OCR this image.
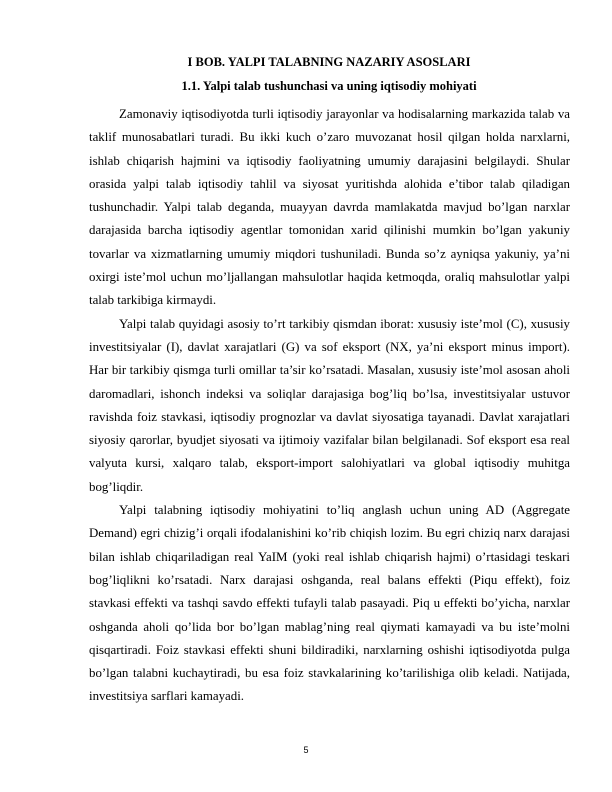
I BOB. YALPI TALABNING NAZARIY ASOSLARI
1.1. Yalpi talab tushunchasi va uning iqtisodiy mohiyati

Zamonaviy iqtisodiyotda turli iqtisodiy jarayonlar va hodisalarning markazida talab va taklif munosabatlari turadi. Bu ikki kuch o’zaro muvozanat hosil qilgan holda narxlarni, ishlab chiqarish hajmini va iqtisodiy faoliyatning umumiy darajasini belgilaydi. Shular orasida yalpi talab iqtisodiy tahlil va siyosat yuritishda alohida e’tibor talab qiladigan tushunchadir. Yalpi talab deganda, muayyan davrda mamlakatda mavjud bo’lgan narxlar darajasida barcha iqtisodiy agentlar tomonidan xarid qilinishi mumkin bo’lgan yakuniy tovarlar va xizmatlarning umumiy miqdori tushuniladi. Bunda so’z ayniqsa yakuniy, ya’ni oxirgi iste’mol uchun mo’ljallangan mahsulotlar haqida ketmoqda, oraliq mahsulotlar yalpi talab tarkibiga kirmaydi.

Yalpi talab quyidagi asosiy to’rt tarkibiy qismdan iborat: xususiy iste’mol (C), xususiy investitsiyalar (I), davlat xarajatlari (G) va sof eksport (NX, ya’ni eksport minus import). Har bir tarkibiy qismga turli omillar ta’sir ko’rsatadi. Masalan, xususiy iste’mol asosan aholi daromadlari, ishonch indeksi va soliqlar darajasiga bog’liq bo’lsa, investitsiyalar ustuvor ravishda foiz stavkasi, iqtisodiy prognozlar va davlat siyosatiga tayanadi. Davlat xarajatlari siyosiy qarorlar, byudjet siyosati va ijtimoiy vazifalar bilan belgilanadi. Sof eksport esa real valyuta kursi, xalqaro talab, eksport-import salohiyatlari va global iqtisodiy muhitga bog’liqdir.

Yalpi talabning iqtisodiy mohiyatini to’liq anglash uchun uning AD (Aggregate Demand) egri chizig’i orqali ifodalanishini ko’rib chiqish lozim. Bu egri chiziq narx darajasi bilan ishlab chiqariladigan real YaIM (yoki real ishlab chiqarish hajmi) o’rtasidagi teskari bog’liqlikni ko’rsatadi. Narx darajasi oshganda, real balans effekti (Piqu effekt), foiz stavkasi effekti va tashqi savdo effekti tufayli talab pasayadi. Piq u effekti bo’yicha, narxlar oshganda aholi qo’lida bor bo’lgan mablag’ning real qiymati kamayadi va bu iste’molni qisqartiradi. Foiz stavkasi effekti shuni bildiradiki, narxlarning oshishi iqtisodiyotda pulga bo’lgan talabni kuchaytiradi, bu esa foiz stavkalarining ko’tarilishiga olib keladi. Natijada, investitsiya sarflari kamayadi.

5
